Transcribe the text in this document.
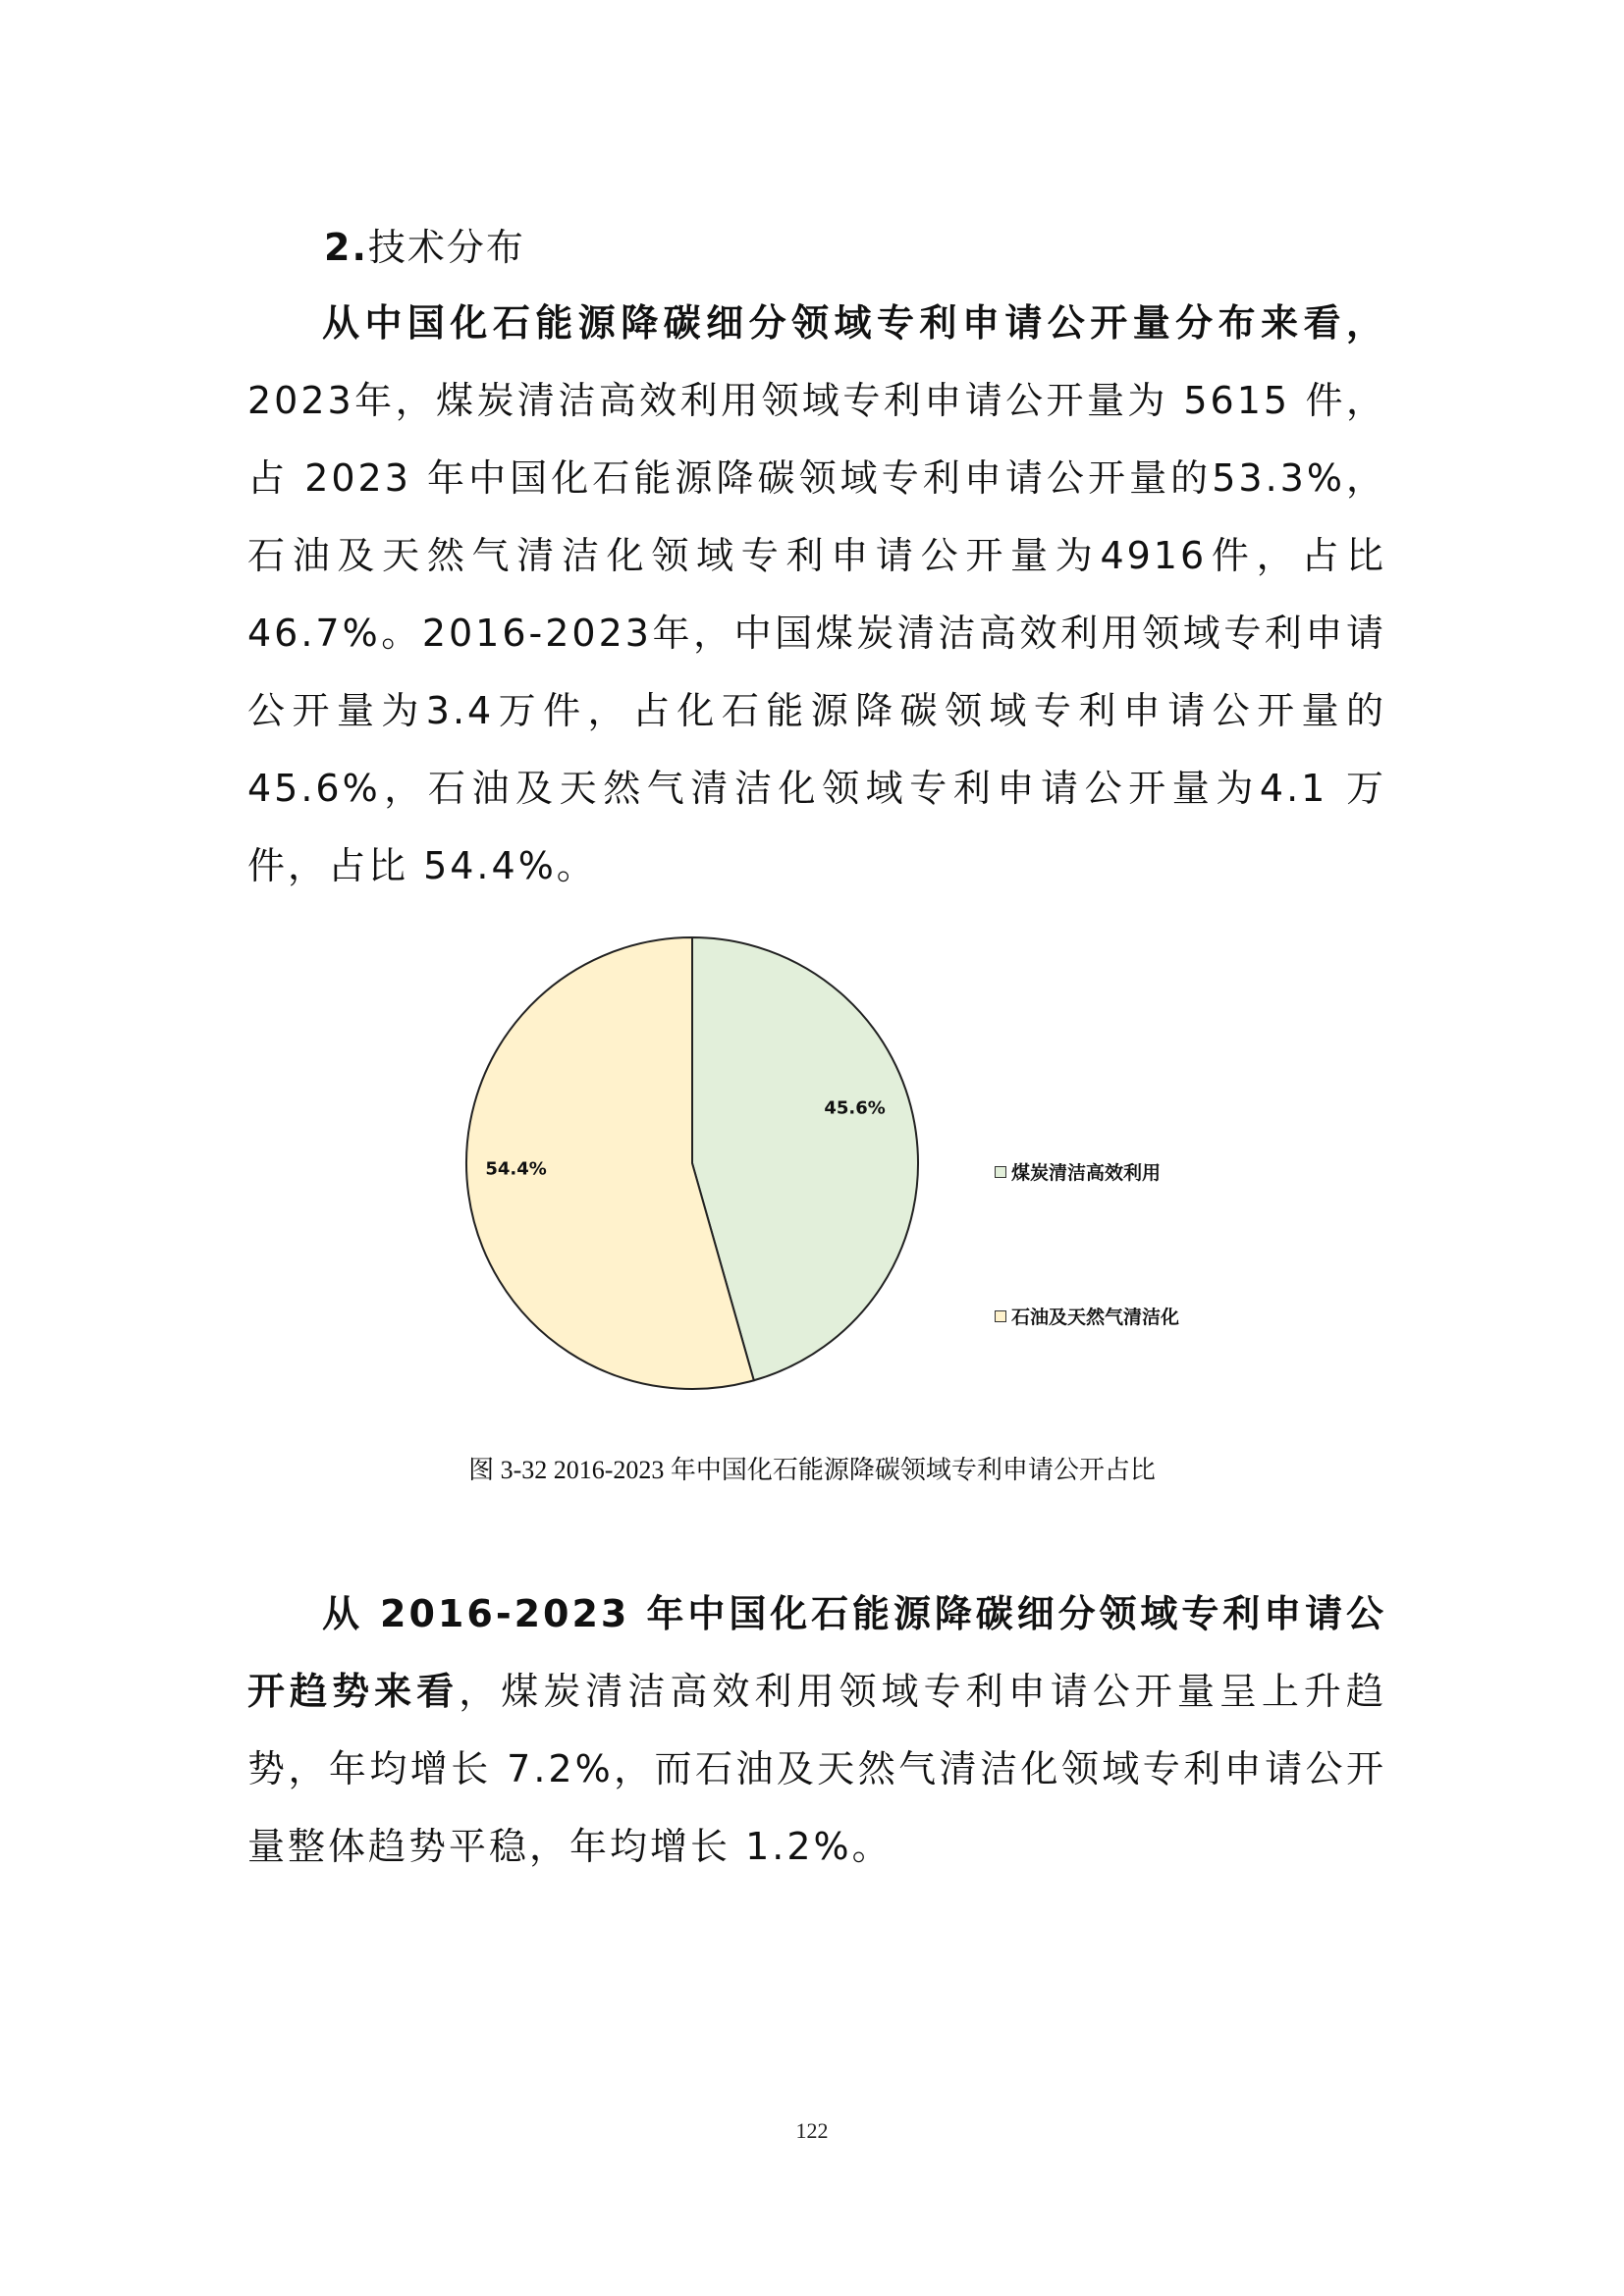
2.技术分布

从中国化石能源降碳细分领域专利申请公开量分布来看，2023年，煤炭清洁高效利用领域专利申请公开量为 5615 件，占 2023 年中国化石能源降碳领域专利申请公开量的53.3%，石油及天然气清洁化领域专利申请公开量为4916件，占比46.7%。2016-2023年，中国煤炭清洁高效利用领域专利申请公开量为3.4万件，占化石能源降碳领域专利申请公开量的45.6%，石油及天然气清洁化领域专利申请公开量为4.1 万件，占比 54.4%。

45.6%
54.4%	煤炭清洁高效利用
石油及天然气清洁化
图 3-32 2016-2023 年中国化石能源降碳领域专利申请公开占比

从 2016-2023 年中国化石能源降碳细分领域专利申请公开趋势来看，煤炭清洁高效利用领域专利申请公开量呈上升趋势，年均增长 7.2%，而石油及天然气清洁化领域专利申请公开量整体趋势平稳，年均增长 1.2%。

122
